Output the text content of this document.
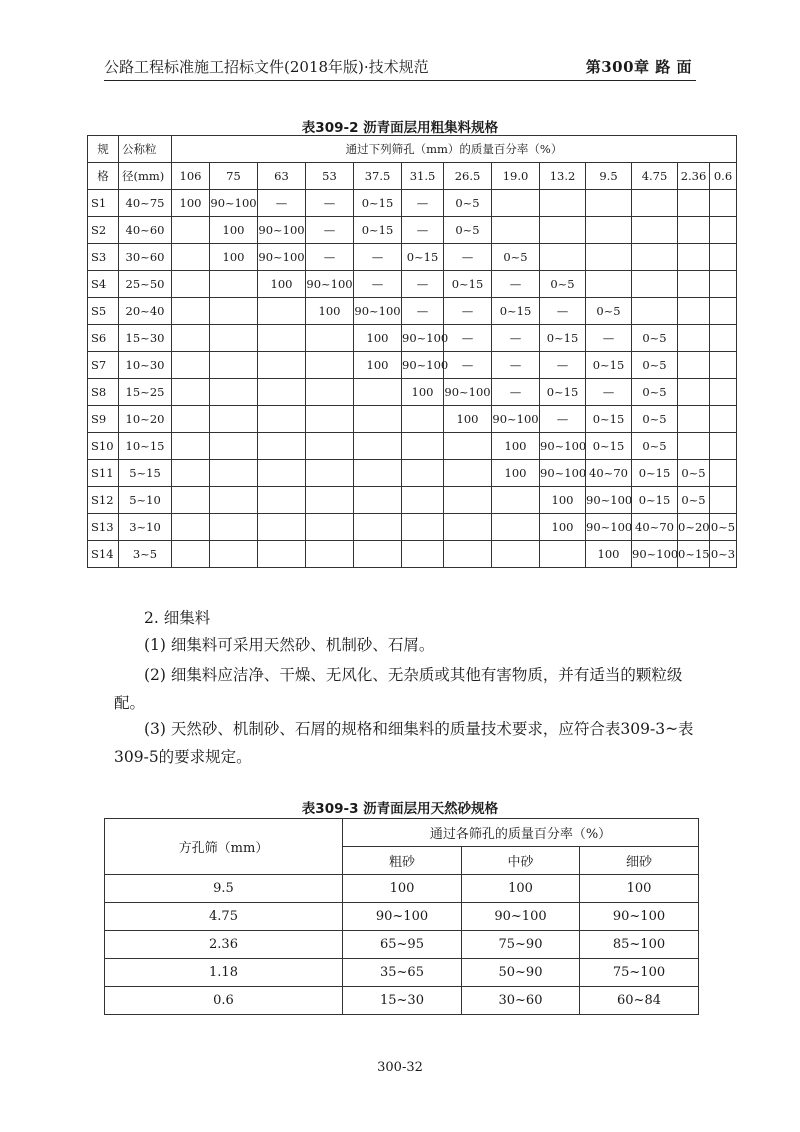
公路工程标准施工招标文件(2018年版)·技术规范	第300章 路 面
表309-2 沥青面层用粗集料规格
规	公称粒	通过下列筛孔（mm）的质量百分率（%）												
格	径(mm)	106	75	63	53	37.5	31.5	26.5	19.0	13.2	9.5	4.75	2.36	0.6
S1	40~75	100	90~100	—	—	0~15	—	0~5						
S2	40~60		100	90~100	—	0~15	—	0~5						
S3	30~60		100	90~100	—	—	0~15	—	0~5					
S4	25~50			100	90~100	—	—	0~15	—	0~5				
S5	20~40				100	90~100	—	—	0~15	—	0~5			
S6	15~30					100	90~100	—	—	0~15	—	0~5		
S7	10~30					100	90~100	—	—	—	0~15	0~5		
S8	15~25						100	90~100	—	0~15	—	0~5		
S9	10~20							100	90~100	—	0~15	0~5		
S10	10~15								100	90~100	0~15	0~5		
S11	5~15								100	90~100	40~70	0~15	0~5	
S12	5~10									100	90~100	0~15	0~5	
S13	3~10									100	90~100	40~70	0~20	0~5
S14	3~5										100	90~100	0~15	0~3
2. 细集料
(1) 细集料可采用天然砂、机制砂、石屑。
(2) 细集料应洁净、干燥、无风化、无杂质或其他有害物质，并有适当的颗粒级配。
(3) 天然砂、机制砂、石屑的规格和细集料的质量技术要求，应符合表309-3~表309-5的要求规定。
表309-3 沥青面层用天然砂规格
方孔筛（mm）	通过各筛孔的质量百分率（%）		
	粗砂	中砂	细砂
9.5	100	100	100
4.75	90~100	90~100	90~100
2.36	65~95	75~90	85~100
1.18	35~65	50~90	75~100
0.6	15~30	30~60	60~84
300-32
